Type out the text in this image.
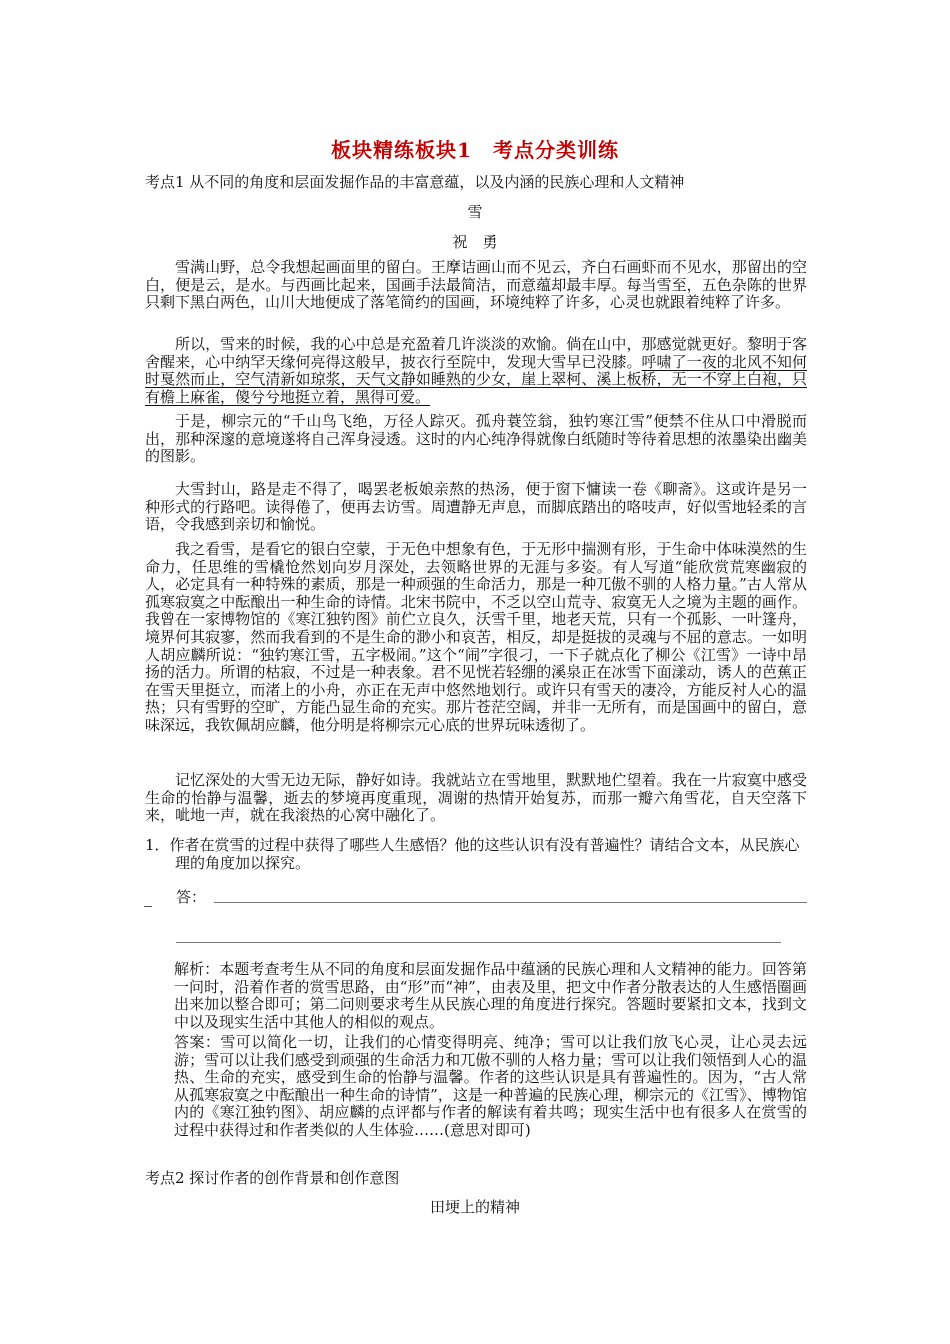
板块精练板块1　考点分类训练
考点1 从不同的角度和层面发掘作品的丰富意蕴，以及内涵的民族心理和人文精神
雪
祝　勇

雪满山野，总令我想起画面里的留白。王摩诘画山而不见云，齐白石画虾而不见水，那留出的空白，便是云，是水。与西画比起来，国画手法最简洁，而意蕴却最丰厚。每当雪至，五色杂陈的世界只剩下黑白两色，山川大地便成了落笔简约的国画，环境纯粹了许多，心灵也就跟着纯粹了许多。

所以，雪来的时候，我的心中总是充盈着几许淡淡的欢愉。倘在山中，那感觉就更好。黎明于客舍醒来，心中纳罕天缘何亮得这般早，披衣行至院中，发现大雪早已没膝。呼啸了一夜的北风不知何时戛然而止，空气清新如琼浆，天气文静如睡熟的少女，崖上翠柯、溪上板桥，无一不穿上白袍，只有檐上麻雀，傻兮兮地挺立着，黑得可爱。

于是，柳宗元的“千山鸟飞绝，万径人踪灭。孤舟蓑笠翁，独钓寒江雪”便禁不住从口中滑脱而出，那种深邃的意境遂将自己浑身浸透。这时的内心纯净得就像白纸随时等待着思想的浓墨染出幽美的图影。

大雪封山，路是走不得了，喝罢老板娘亲熬的热汤，便于窗下慵读一卷《聊斋》。这或许是另一种形式的行路吧。读得倦了，便再去访雪。周遭静无声息，而脚底踏出的咯吱声，好似雪地轻柔的言语，令我感到亲切和愉悦。

我之看雪，是看它的银白空蒙，于无色中想象有色，于无形中揣测有形，于生命中体味漠然的生命力，任思维的雪橇怆然划向岁月深处，去领略世界的无涯与多姿。有人写道“能欣赏荒寒幽寂的人，必定具有一种特殊的素质，那是一种顽强的生命活力，那是一种兀傲不驯的人格力量。”古人常从孤寒寂寞之中酝酿出一种生命的诗情。北宋书院中，不乏以空山荒寺、寂寞无人之境为主题的画作。我曾在一家博物馆的《寒江独钓图》前伫立良久，沃雪千里，地老天荒，只有一个孤影、一叶篷舟，境界何其寂寥，然而我看到的不是生命的渺小和哀苦，相反，却是挺拔的灵魂与不屈的意志。一如明人胡应麟所说：“独钓寒江雪，五字极闹。”这个“闹”字很刁，一下子就点化了柳公《江雪》一诗中昂扬的活力。所谓的枯寂，不过是一种表象。君不见恍若轻绷的溪泉正在冰雪下面漾动，诱人的芭蕉正在雪天里挺立，而渚上的小舟，亦正在无声中悠然地划行。或许只有雪天的凄冷，方能反衬人心的温热；只有雪野的空旷，方能凸显生命的充实。那片苍茫空阔，并非一无所有，而是国画中的留白，意味深远，我钦佩胡应麟，他分明是将柳宗元心底的世界玩味透彻了。

记忆深处的大雪无边无际，静好如诗。我就站立在雪地里，默默地伫望着。我在一片寂寞中感受生命的怡静与温馨，逝去的梦境再度重现，凋谢的热情开始复苏，而那一瓣六角雪花，自天空落下来，呲地一声，就在我滚热的心窝中融化了。

1．作者在赏雪的过程中获得了哪些人生感悟？他的这些认识有没有普遍性？请结合文本，从民族心理的角度加以探究。

答：

解析：本题考查考生从不同的角度和层面发掘作品中蕴涵的民族心理和人文精神的能力。回答第一问时，沿着作者的赏雪思路，由“形”而“神”，由表及里，把文中作者分散表达的人生感悟圈画出来加以整合即可；第二问则要求考生从民族心理的角度进行探究。答题时要紧扣文本，找到文中以及现实生活中其他人的相似的观点。

答案：雪可以简化一切，让我们的心情变得明亮、纯净；雪可以让我们放飞心灵，让心灵去远游；雪可以让我们感受到顽强的生命活力和兀傲不驯的人格力量；雪可以让我们领悟到人心的温热、生命的充实，感受到生命的怡静与温馨。作者的这些认识是具有普遍性的。因为，“古人常从孤寒寂寞之中酝酿出一种生命的诗情”，这是一种普遍的民族心理，柳宗元的《江雪》、博物馆内的《寒江独钓图》、胡应麟的点评都与作者的解读有着共鸣；现实生活中也有很多人在赏雪的过程中获得过和作者类似的人生体验……(意思对即可)

考点2 探讨作者的创作背景和创作意图
田埂上的精神
